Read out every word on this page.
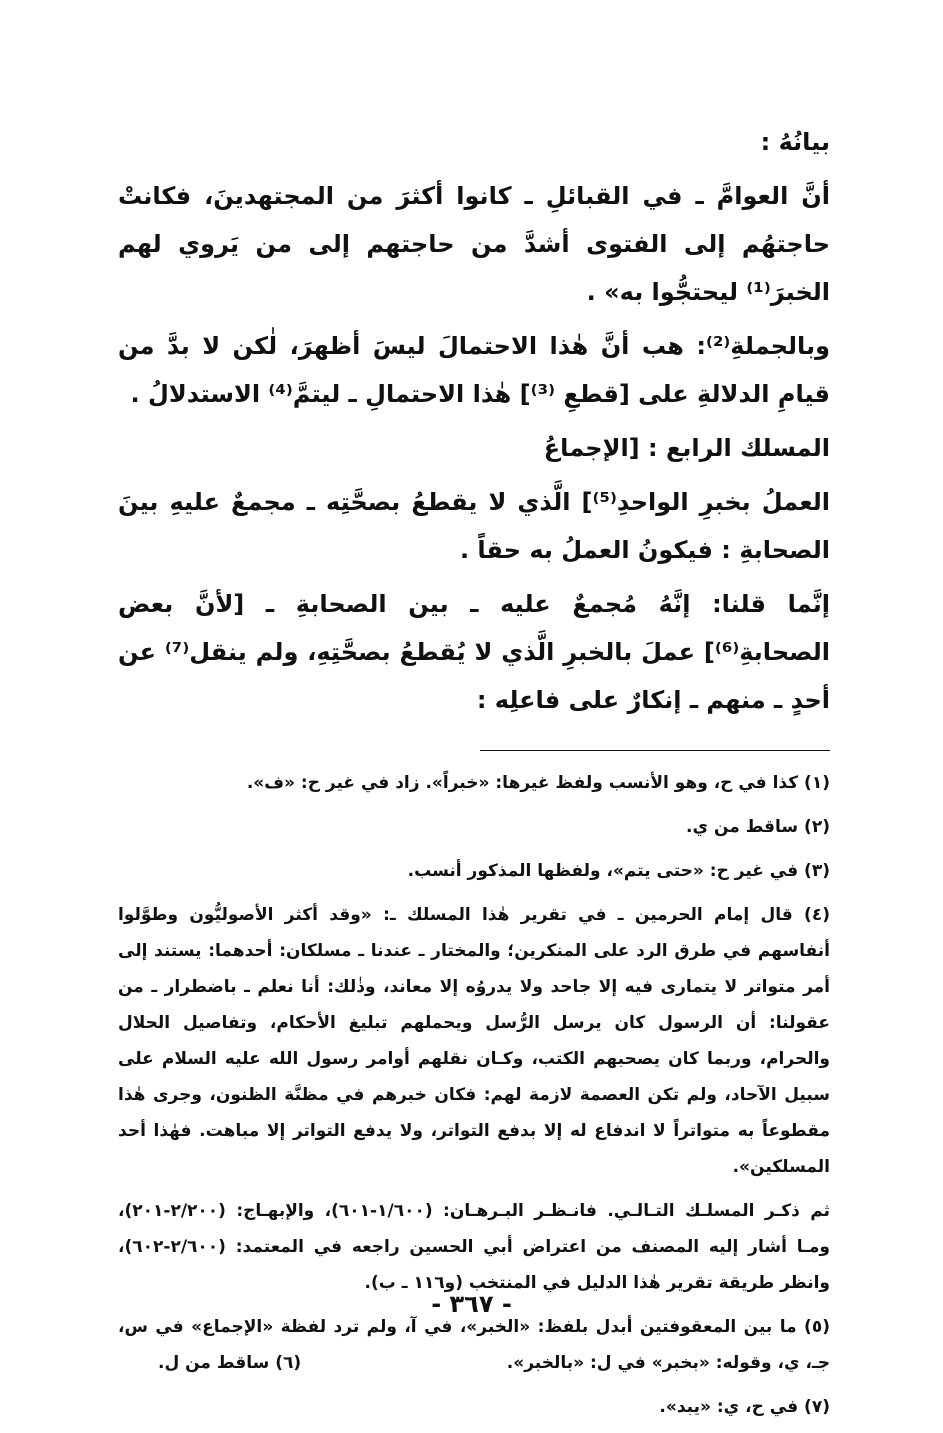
بيانُهُ :

أنَّ العوامَّ ـ في القبائلِ ـ كانوا أكثرَ من المجتهدينَ، فكانتْ حاجتهُم إلى الفتوى أشدَّ من حاجتهم إلى من يَروي لهم الخبرَ⁽¹⁾ ليحتجُّوا به» .

وبالجملةِ⁽²⁾: هب أنَّ هٰذا الاحتمالَ ليسَ أظهرَ، لٰكن لا بدَّ من قيامِ الدلالةِ على [قطعِ ⁽³⁾] هٰذا الاحتمالِ ـ ليتمَّ⁽⁴⁾ الاستدلالُ .

المسلك الرابع : [الإجماعُ

العملُ بخبرِ الواحدِ⁽⁵⁾] الَّذي لا يقطعُ بصحَّتِه ـ مجمعٌ عليهِ بينَ الصحابةِ : فيكونُ العملُ به حقاً .

إنَّما قلنا: إنَّهُ مُجمعٌ عليه ـ بين الصحابةِ ـ [لأنَّ بعض الصحابةِ⁽⁶⁾] عملَ بالخبرِ الَّذي لا يُقطعُ بصحَّتِهِ، ولم ينقل⁽⁷⁾ عن أحدٍ ـ منهم ـ إنكارٌ على فاعلِه :

(١) كذا في ح، وهو الأنسب ولفظ غيرها: «خبراً». زاد في غير ح: «ف».

(٢) ساقط من ي.

(٣) في غير ح: «حتى يتم»، ولفظها المذكور أنسب.

(٤) قال إمام الحرمين ـ في تقرير هٰذا المسلك ـ: «وقد أكثر الأصوليُّون وطوَّلوا أنفاسهم في طرق الرد على المنكرين؛ والمختار ـ عندنا ـ مسلكان: أحدهما: يستند إلى أمر متواتر لا يتمارى فيه إلا جاحد ولا يدروُه إلا معاند، وذٰلك: أنا نعلم ـ باضطرار ـ من عقولنا: أن الرسول كان يرسل الرُّسل ويحملهم تبليغ الأحكام، وتفاصيل الحلال والحرام، وربما كان يصحبهم الكتب، وكـان نقلهم أوامر رسول الله عليه السلام على سبيل الآحاد، ولم تكن العصمة لازمة لهم: فكان خبرهم في مظنَّة الظنون، وجرى هٰذا مقطوعاً به متواتراً لا اندفاع له إلا بدفع التواتر، ولا يدفع التواتر إلا مباهت. فهٰذا أحد المسلكين».

ثم ذكـر المسلـك التـالـي. فانـظـر البـرهـان: (١/٦٠٠-٦٠١)، والإبهـاج: (٢/٢٠٠-٢٠١)، ومـا أشار إليه المصنف من اعتراض أبي الحسين راجعه في المعتمد: (٢/٦٠٠-٦٠٢)، وانظر طريقة تقرير هٰذا الدليل في المنتخب (و١١٦ ـ ب).

(٥) ما بين المعقوفتين أبدل بلفظ: «الخبر»، في آ، ولم ترد لفظة «الإجماع» في س، جـ، ي، وقوله: «بخبر» في ل: «بالخبر».
(٦) ساقط من ل.

(٧) في ح، ي: «يبد».

- ٣٦٧ -
